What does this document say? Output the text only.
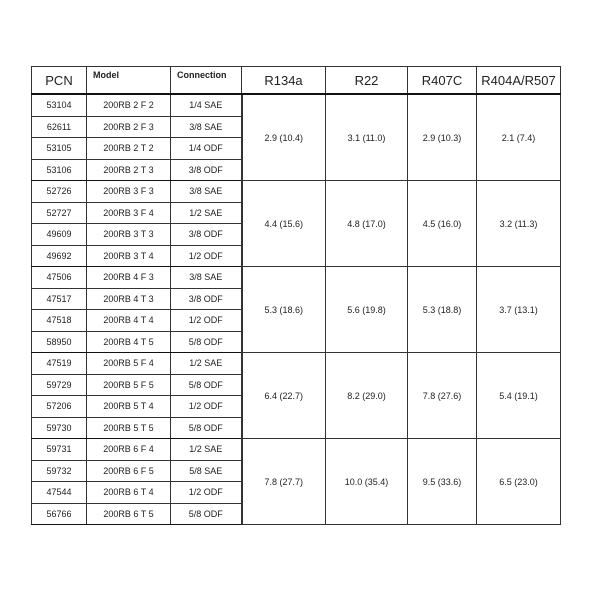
PCN	Model	Connection	R134a	R22	R407C	R404A/R507
53104	200RB 2 F 2	1/4 SAE	2.9 (10.4)	3.1 (11.0)	2.9 (10.3)	2.1 (7.4)
62611	200RB 2 F 3	3/8 SAE				
53105	200RB 2 T 2	1/4 ODF				
53106	200RB 2 T 3	3/8 ODF				
52726	200RB 3 F 3	3/8 SAE	4.4 (15.6)	4.8 (17.0)	4.5 (16.0)	3.2 (11.3)
52727	200RB 3 F 4	1/2 SAE				
49609	200RB 3 T 3	3/8 ODF				
49692	200RB 3 T 4	1/2 ODF				
47506	200RB 4 F 3	3/8 SAE	5.3 (18.6)	5.6 (19.8)	5.3 (18.8)	3.7 (13.1)
47517	200RB 4 T 3	3/8 ODF				
47518	200RB 4 T 4	1/2 ODF				
58950	200RB 4 T 5	5/8 ODF				
47519	200RB 5 F 4	1/2 SAE	6.4 (22.7)	8.2 (29.0)	7.8 (27.6)	5.4 (19.1)
59729	200RB 5 F 5	5/8 ODF				
57206	200RB 5 T 4	1/2 ODF				
59730	200RB 5 T 5	5/8 ODF				
59731	200RB 6 F 4	1/2 SAE	7.8 (27.7)	10.0 (35.4)	9.5 (33.6)	6.5 (23.0)
59732	200RB 6 F 5	5/8 SAE				
47544	200RB 6 T 4	1/2 ODF				
56766	200RB 6 T 5	5/8 ODF				
